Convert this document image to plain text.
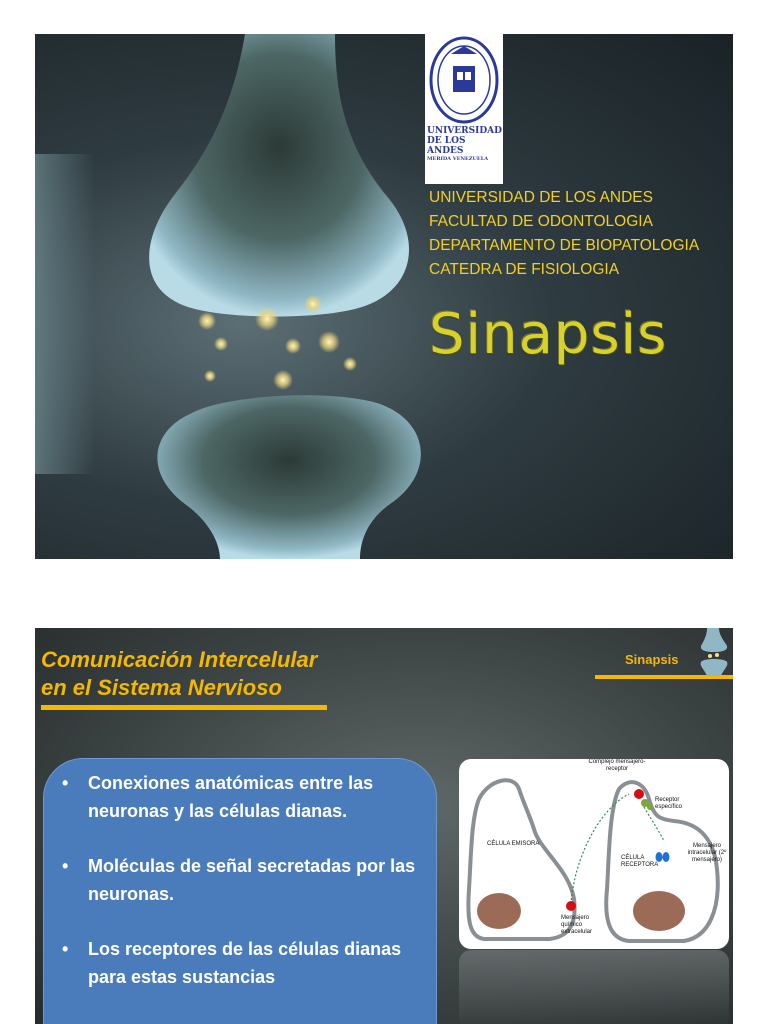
UNIVERSIDAD
DE LOS ANDES
MERIDA VENEZUELA
UNIVERSIDAD DE LOS ANDES
FACULTAD DE ODONTOLOGIA
DEPARTAMENTO DE BIOPATOLOGIA
CATEDRA DE FISIOLOGIA
Sinapsis
Comunicación Intercelular
en el Sistema Nervioso
Sinapsis
• Conexiones anatómicas entre las neuronas y las células dianas.
• Moléculas de señal secretadas por las neuronas.
• Los receptores de las células dianas para estas sustancias
Complejo mensajero-receptor
Receptor específico
CÉLULA EMISORA
CÉLULA RECEPTORA
Mensajero intracelular (2º mensajero)
Mensajero químico extracelular
